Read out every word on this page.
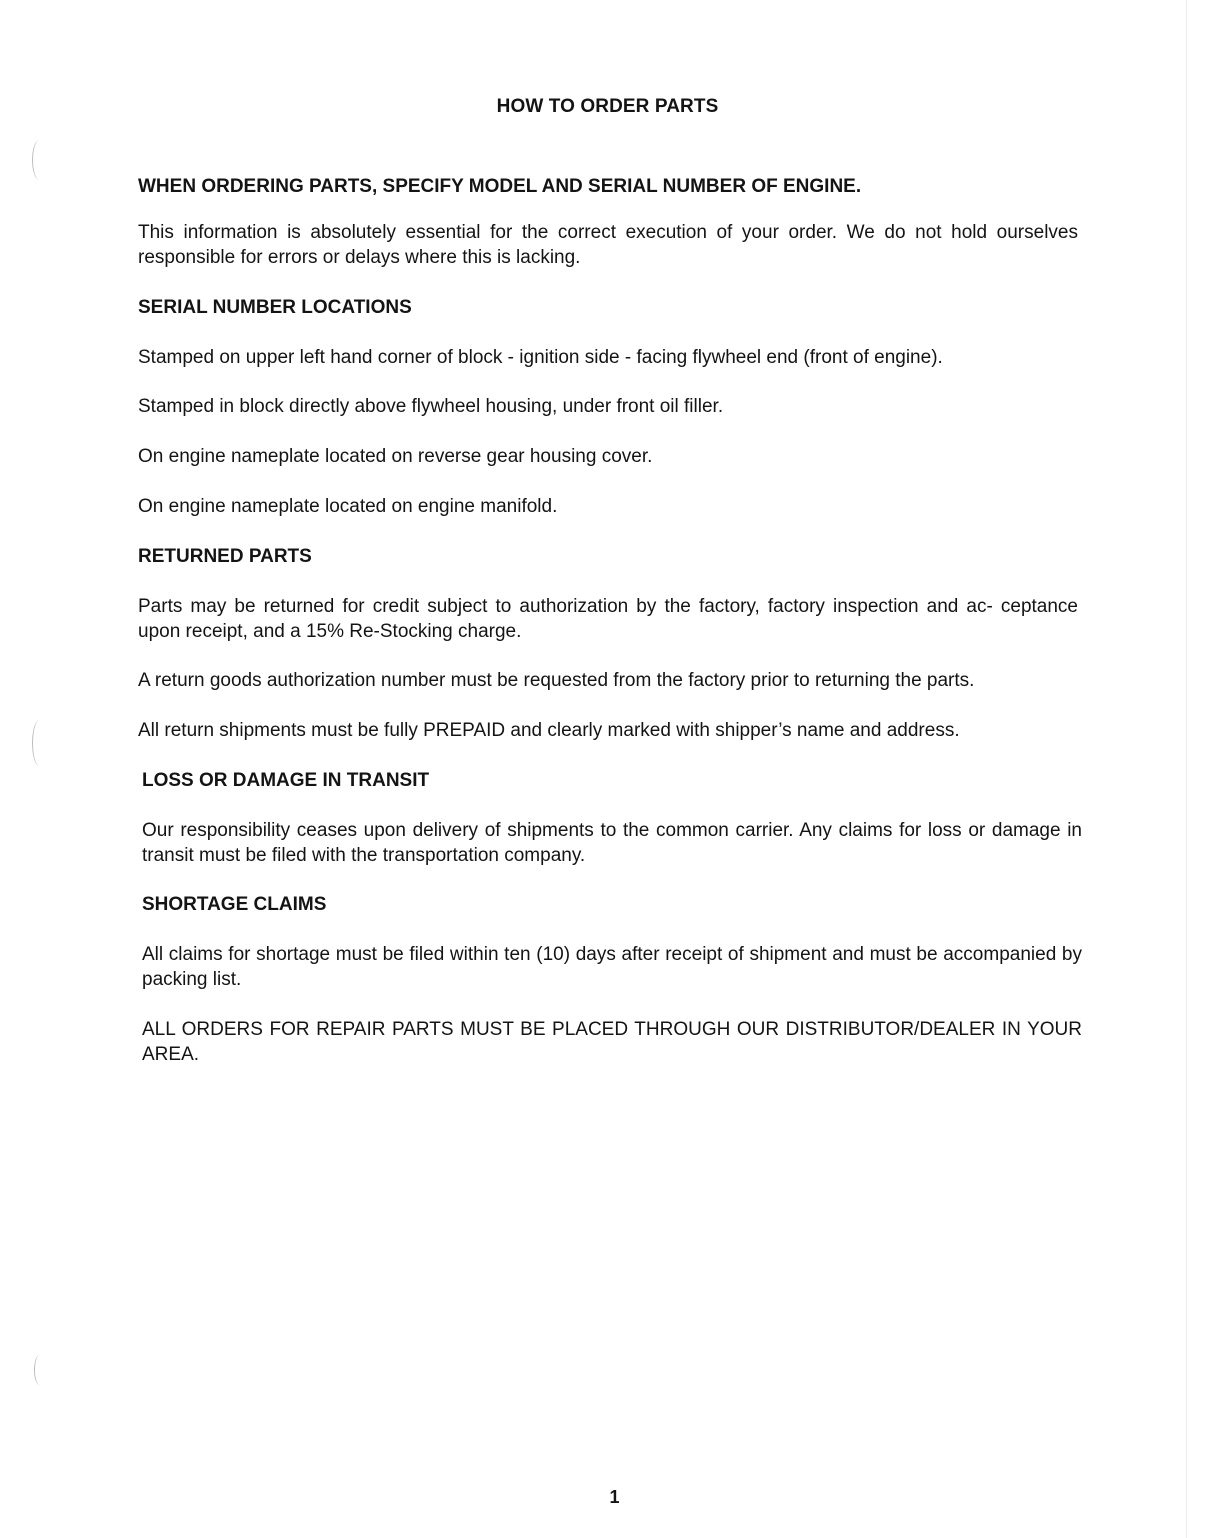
HOW TO ORDER PARTS
WHEN ORDERING PARTS, SPECIFY MODEL AND SERIAL NUMBER OF ENGINE.
This information is absolutely essential for the correct execution of your order. We do not hold ourselves responsible for errors or delays where this is lacking.
SERIAL NUMBER LOCATIONS
Stamped on upper left hand corner of block - ignition side - facing flywheel end (front of engine).
Stamped in block directly above flywheel housing, under front oil filler.
On engine nameplate located on reverse gear housing cover.
On engine nameplate located on engine manifold.
RETURNED PARTS
Parts may be returned for credit subject to authorization by the factory, factory inspection and ac- ceptance upon receipt, and a 15% Re-Stocking charge.
A return goods authorization number must be requested from the factory prior to returning the parts.
All return shipments must be fully PREPAID and clearly marked with shipper’s name and address.
LOSS OR DAMAGE IN TRANSIT
Our responsibility ceases upon delivery of shipments to the common carrier. Any claims for loss or damage in transit must be filed with the transportation company.
SHORTAGE CLAIMS
All claims for shortage must be filed within ten (10) days after receipt of shipment and must be accompanied by packing list.
ALL ORDERS FOR REPAIR PARTS MUST BE PLACED THROUGH OUR DISTRIBUTOR/DEALER IN YOUR AREA.
1
